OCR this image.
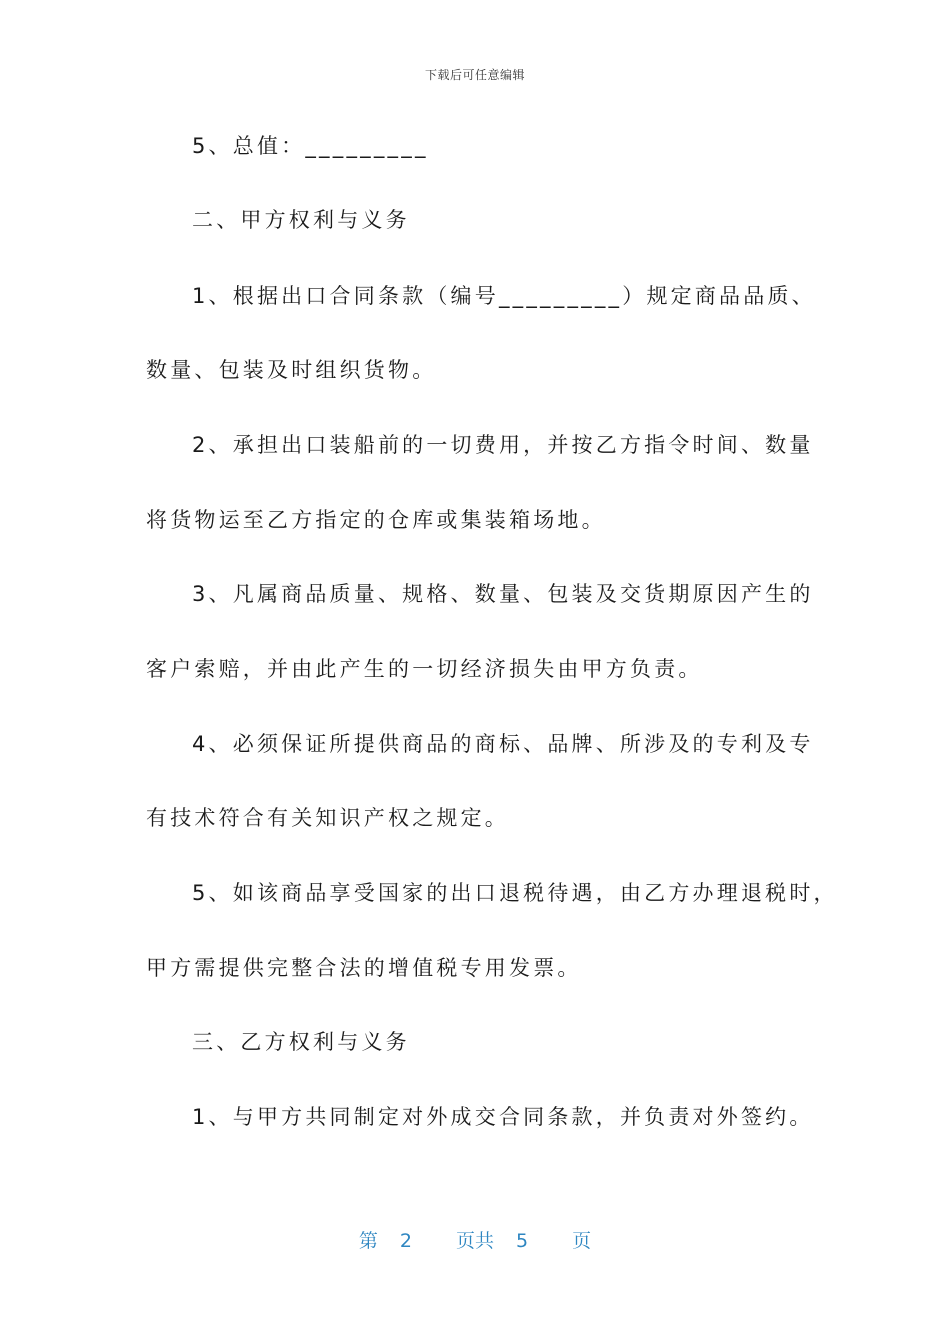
下载后可任意编辑
5、总值：_________
二、甲方权利与义务
1、根据出口合同条款（编号_________）规定商品品质、
数量、包装及时组织货物。
2、承担出口装船前的一切费用，并按乙方指令时间、数量
将货物运至乙方指定的仓库或集装箱场地。
3、凡属商品质量、规格、数量、包装及交货期原因产生的
客户索赔，并由此产生的一切经济损失由甲方负责。
4、必须保证所提供商品的商标、品牌、所涉及的专利及专
有技术符合有关知识产权之规定。
5、如该商品享受国家的出口退税待遇，由乙方办理退税时，
甲方需提供完整合法的增值税专用发票。
三、乙方权利与义务
1、与甲方共同制定对外成交合同条款，并负责对外签约。
第 2 页共 5 页
